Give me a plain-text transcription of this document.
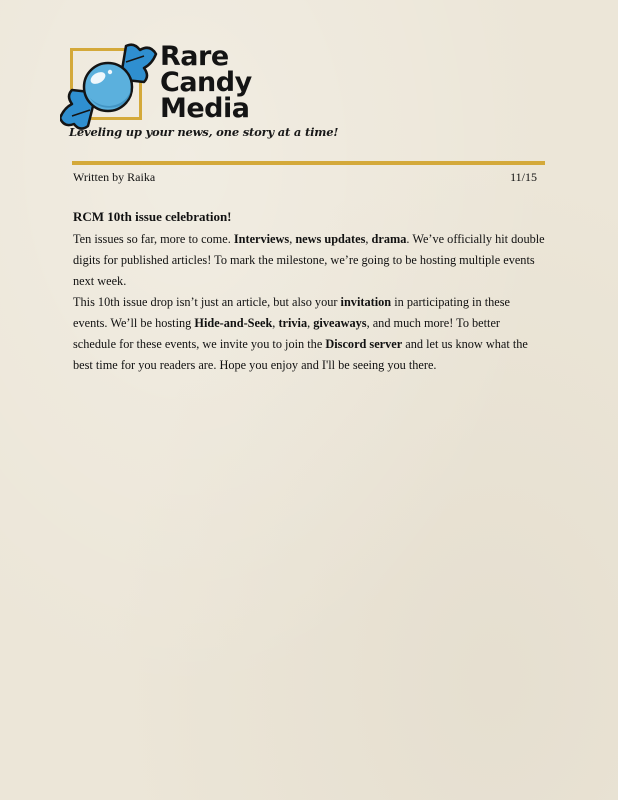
Rare
Candy
Media
Leveling up your news, one story at a time!
Written by Raika	11/15
RCM 10th issue celebration!

Ten issues so far, more to come. Interviews, news updates, drama. We’ve officially hit double digits for published articles! To mark the milestone, we’re going to be hosting multiple events next week.

This 10th issue drop isn’t just an article, but also your invitation in participating in these events. We’ll be hosting Hide-and-Seek, trivia, giveaways, and much more! To better schedule for these events, we invite you to join the Discord server and let us know what the best time for you readers are. Hope you enjoy and I'll be seeing you there.
